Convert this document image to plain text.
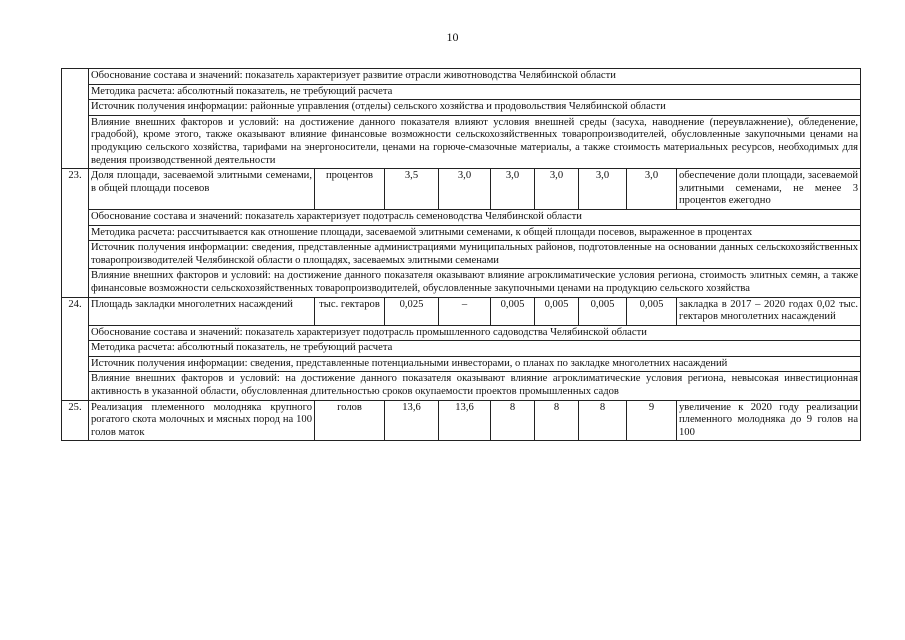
10
	Обоснование состава и значений: показатель характеризует развитие отрасли животноводства Челябинской области								
	Методика расчета: абсолютный показатель, не требующий расчета								
	Источник получения информации: районные управления (отделы) сельского хозяйства и продовольствия Челябинской области								
	Влияние внешних факторов и условий: на достижение данного показателя влияют условия внешней среды (засуха, наводнение (переувлажнение), обледенение, градобой), кроме этого, также оказывают влияние финансовые возможности сельскохозяйственных товаропроизводителей, обусловленные закупочными ценами на продукцию сельского хозяйства, тарифами на энергоносители, ценами на горюче-смазочные материалы, а также стоимость материальных ресурсов, необходимых для ведения производственной деятельности								
23.	Доля площади, засеваемой элитными семенами, в общей площади посевов	процентов	3,5	3,0	3,0	3,0	3,0	3,0	обеспечение доли площади, засеваемой элитными семенами, не менее 3 процентов ежегодно
	Обоснование состава и значений: показатель характеризует подотрасль семеноводства Челябинской области								
	Методика расчета: рассчитывается как отношение площади, засеваемой элитными семенами, к общей площади посевов, выраженное в процентах								
	Источник получения информации: сведения, представленные администрациями муниципальных районов, подготовленные на основании данных сельскохозяйственных товаропроизводителей Челябинской области о площадях, засеваемых элитными семенами								
	Влияние внешних факторов и условий: на достижение данного показателя оказывают влияние агроклиматические условия региона, стоимость элитных семян, а также финансовые возможности сельскохозяйственных товаропроизводителей, обусловленные закупочными ценами на продукцию сельского хозяйства								
24.	Площадь закладки многолетних насаждений	тыс. гектаров	0,025	–	0,005	0,005	0,005	0,005	закладка в 2017 – 2020 годах 0,02 тыс. гектаров многолетних насаждений
	Обоснование состава и значений: показатель характеризует подотрасль промышленного садоводства Челябинской области								
	Методика расчета: абсолютный показатель, не требующий расчета								
	Источник получения информации: сведения, представленные потенциальными инвесторами, о планах по закладке многолетних насаждений								
	Влияние внешних факторов и условий: на достижение данного показателя оказывают влияние агроклиматические условия региона, невысокая инвестиционная активность в указанной области, обусловленная длительностью сроков окупаемости проектов промышленных садов								
25.	Реализация племенного молодняка крупного рогатого скота молочных и мясных пород на 100 голов маток	голов	13,6	13,6	8	8	8	9	увеличение к 2020 году реализации племенного молодняка до 9 голов на 100
